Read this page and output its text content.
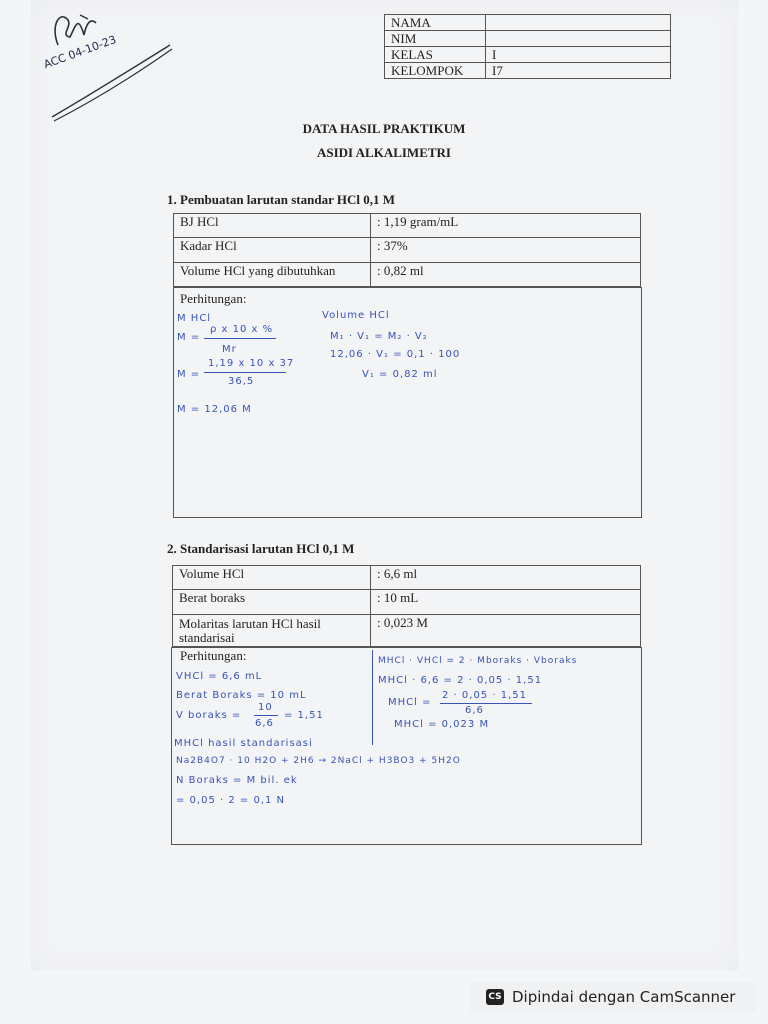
ACC 04-10-23
NAMA	
NIM	
KELAS	I
KELOMPOK	I7
DATA HASIL PRAKTIKUM
ASIDI ALKALIMETRI
1. Pembuatan larutan standar HCl 0,1 M
BJ HCl	: 1,19 gram/mL
Kadar HCl	: 37%
Volume HCl yang dibutuhkan	: 0,82 ml
Perhitungan:
M HCl
M =
ρ x 10 x %
Mr
M =
1,19 x 10 x 37
36,5
M = 12,06 M
Volume HCl
M₁ · V₁ = M₂ · V₂
12,06 · V₁ = 0,1 · 100
V₁ = 0,82 ml
2. Standarisasi larutan HCl 0,1 M
Volume HCl	: 6,6 ml
Berat boraks	: 10 mL
Molaritas larutan HCl hasil standarisai	: 0,023 M
Perhitungan:
VHCl = 6,6 mL
Berat Boraks = 10 mL
V boraks =
10
6,6
= 1,51
MHCl hasil standarisasi
Na2B4O7 · 10 H2O + 2H6 → 2NaCl + H3BO3 + 5H2O
N Boraks = M bil. ek
= 0,05 · 2 = 0,1 N
MHCl · VHCl = 2 · Mboraks · Vboraks
MHCl · 6,6 = 2 · 0,05 · 1,51
MHCl =
2 · 0,05 · 1,51
6,6
MHCl = 0,023 M
CS Dipindai dengan CamScanner
